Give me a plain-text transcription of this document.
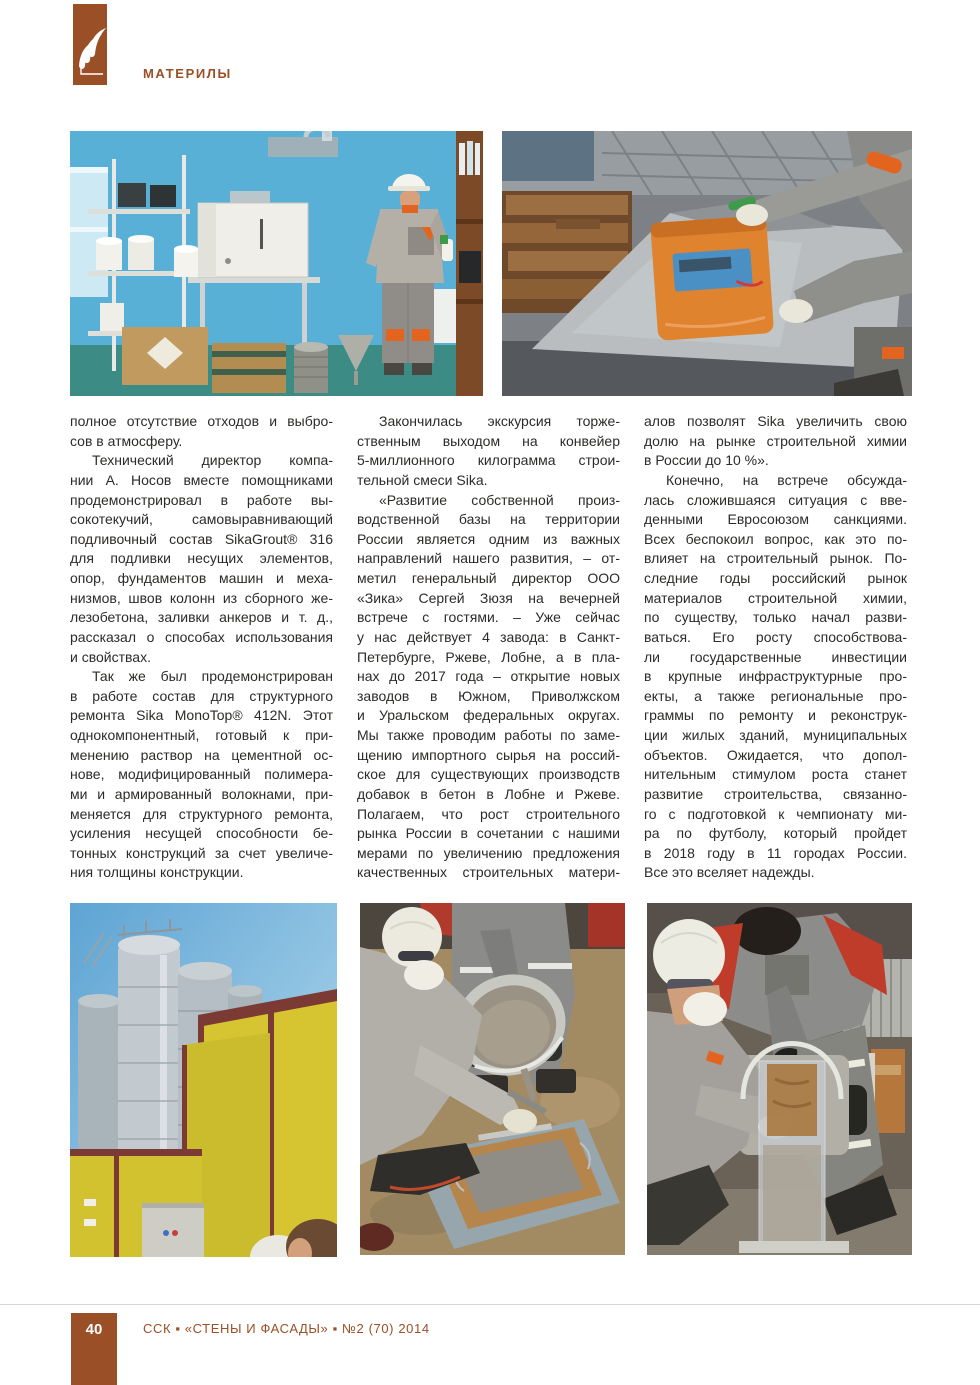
МАТЕРИЛЫ
полное отсутствие отходов и выбро-
сов в атмосферу.
Технический директор компа-
нии А. Носов вместе помощниками
продемонстрировал в работе вы-
сокотекучий, самовыравнивающий
подливочный состав SikaGrout® 316
для подливки несущих элементов,
опор, фундаментов машин и меха-
низмов, швов колонн из сборного же-
лезобетона, заливки анкеров и т. д.,
рассказал о способах использования
и свойствах.
Так же был продемонстрирован
в работе состав для структурного
ремонта Sika MonoTop® 412N. Этот
однокомпонентный, готовый к при-
менению раствор на цементной ос-
нове, модифицированный полимера-
ми и армированный волокнами, при-
меняется для структурного ремонта,
усиления несущей способности бе-
тонных конструкций за счет увеличе-
ния толщины конструкции.
Закончилась экскурсия торже-
ственным выходом на конвейер
5-миллионного килограмма строи-
тельной смеси Sika.
«Развитие собственной произ-
водственной базы на территории
России является одним из важных
направлений нашего развития, – от-
метил генеральный директор ООО
«Зика» Сергей Зюзя на вечерней
встрече с гостями. – Уже сейчас
у нас действует 4 завода: в Санкт-
Петербурге, Ржеве, Лобне, а в пла-
нах до 2017 года – открытие новых
заводов в Южном, Приволжском
и Уральском федеральных округах.
Мы также проводим работы по заме-
щению импортного сырья на россий-
ское для существующих производств
добавок в бетон в Лобне и Ржеве.
Полагаем, что рост строительного
рынка России в сочетании с нашими
мерами по увеличению предложения
качественных строительных матери-
алов позволят Sika увеличить свою
долю на рынке строительной химии
в России до 10 %».
Конечно, на встрече обсужда-
лась сложившаяся ситуация с вве-
денными Евросоюзом санкциями.
Всех беспокоил вопрос, как это по-
влияет на строительный рынок. По-
следние годы российский рынок
материалов строительной химии,
по существу, только начал разви-
ваться. Его росту способствова-
ли государственные инвестиции
в крупные инфраструктурные про-
екты, а также региональные про-
граммы по ремонту и реконструк-
ции жилых зданий, муниципальных
объектов. Ожидается, что допол-
нительным стимулом роста станет
развитие строительства, связанно-
го с подготовкой к чемпионату ми-
ра по футболу, который пройдет
в 2018 году в 11 городах России.
Все это вселяет надежды.
40	ССК ▪ «СТЕНЫ И ФАСАДЫ» ▪ №2 (70) 2014
